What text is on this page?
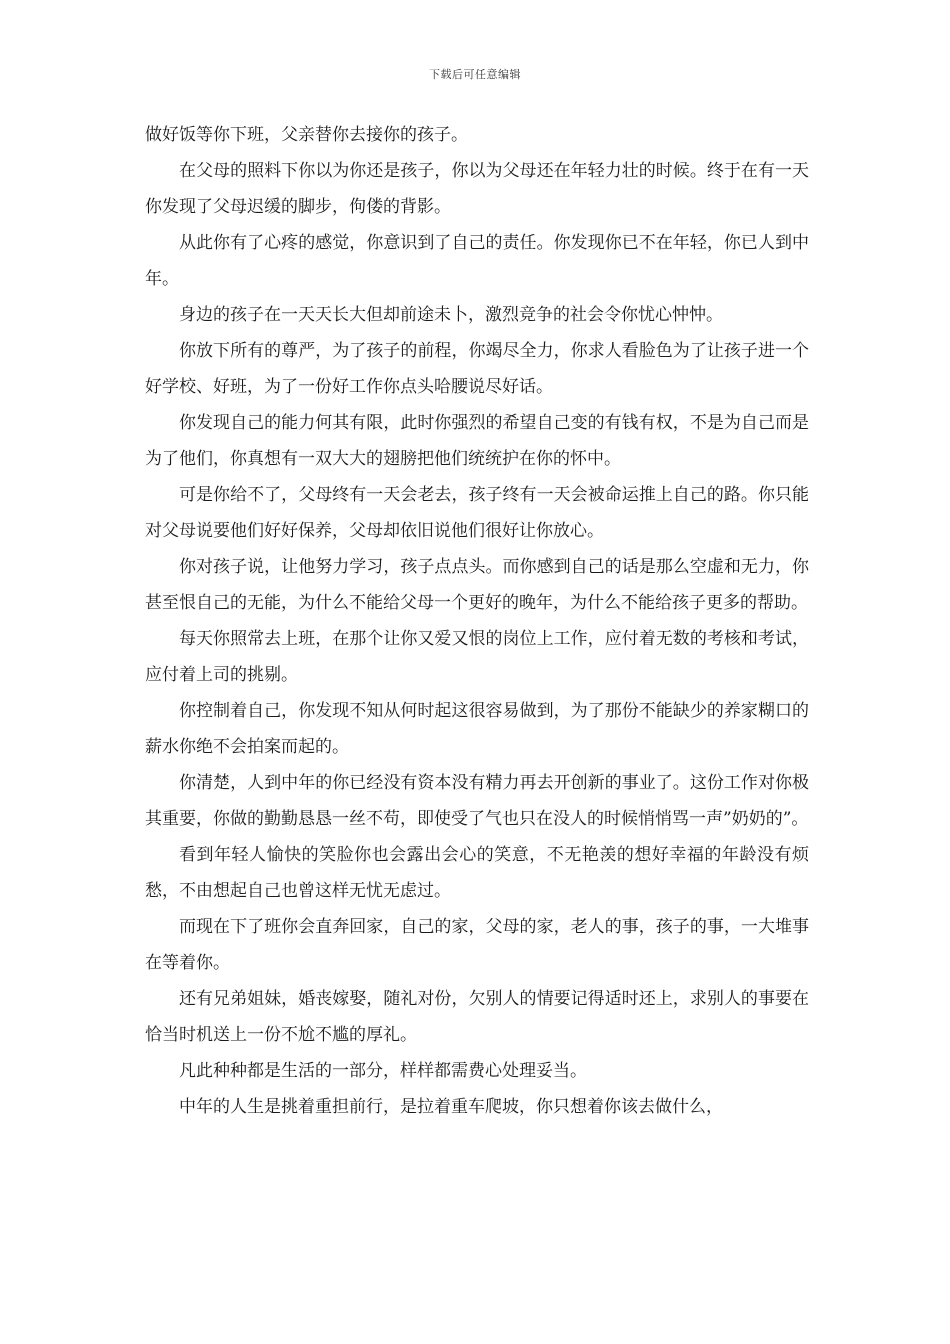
下载后可任意编辑

做好饭等你下班，父亲替你去接你的孩子。

在父母的照料下你以为你还是孩子，你以为父母还在年轻力壮的时候。终于在有一天你发现了父母迟缓的脚步，佝偻的背影。

从此你有了心疼的感觉，你意识到了自己的责任。你发现你已不在年轻，你已人到中年。

身边的孩子在一天天长大但却前途未卜，激烈竞争的社会令你忧心忡忡。

你放下所有的尊严，为了孩子的前程，你竭尽全力，你求人看脸色为了让孩子进一个好学校、好班，为了一份好工作你点头哈腰说尽好话。

你发现自己的能力何其有限，此时你强烈的希望自己变的有钱有权，不是为自己而是为了他们，你真想有一双大大的翅膀把他们统统护在你的怀中。

可是你给不了，父母终有一天会老去，孩子终有一天会被命运推上自己的路。你只能对父母说要他们好好保养，父母却依旧说他们很好让你放心。

你对孩子说，让他努力学习，孩子点点头。而你感到自己的话是那么空虚和无力，你甚至恨自己的无能，为什么不能给父母一个更好的晚年，为什么不能给孩子更多的帮助。

每天你照常去上班，在那个让你又爱又恨的岗位上工作，应付着无数的考核和考试，应付着上司的挑剔。

你控制着自己，你发现不知从何时起这很容易做到，为了那份不能缺少的养家糊口的薪水你绝不会拍案而起的。

你清楚，人到中年的你已经没有资本没有精力再去开创新的事业了。这份工作对你极其重要，你做的勤勤恳恳一丝不苟，即使受了气也只在没人的时候悄悄骂一声”奶奶的”。

看到年轻人愉快的笑脸你也会露出会心的笑意，不无艳羡的想好幸福的年龄没有烦愁，不由想起自己也曾这样无忧无虑过。

而现在下了班你会直奔回家，自己的家，父母的家，老人的事，孩子的事，一大堆事在等着你。

还有兄弟姐妹，婚丧嫁娶，随礼对份，欠别人的情要记得适时还上，求别人的事要在恰当时机送上一份不尬不尴的厚礼。

凡此种种都是生活的一部分，样样都需费心处理妥当。

中年的人生是挑着重担前行，是拉着重车爬坡，你只想着你该去做什么，
